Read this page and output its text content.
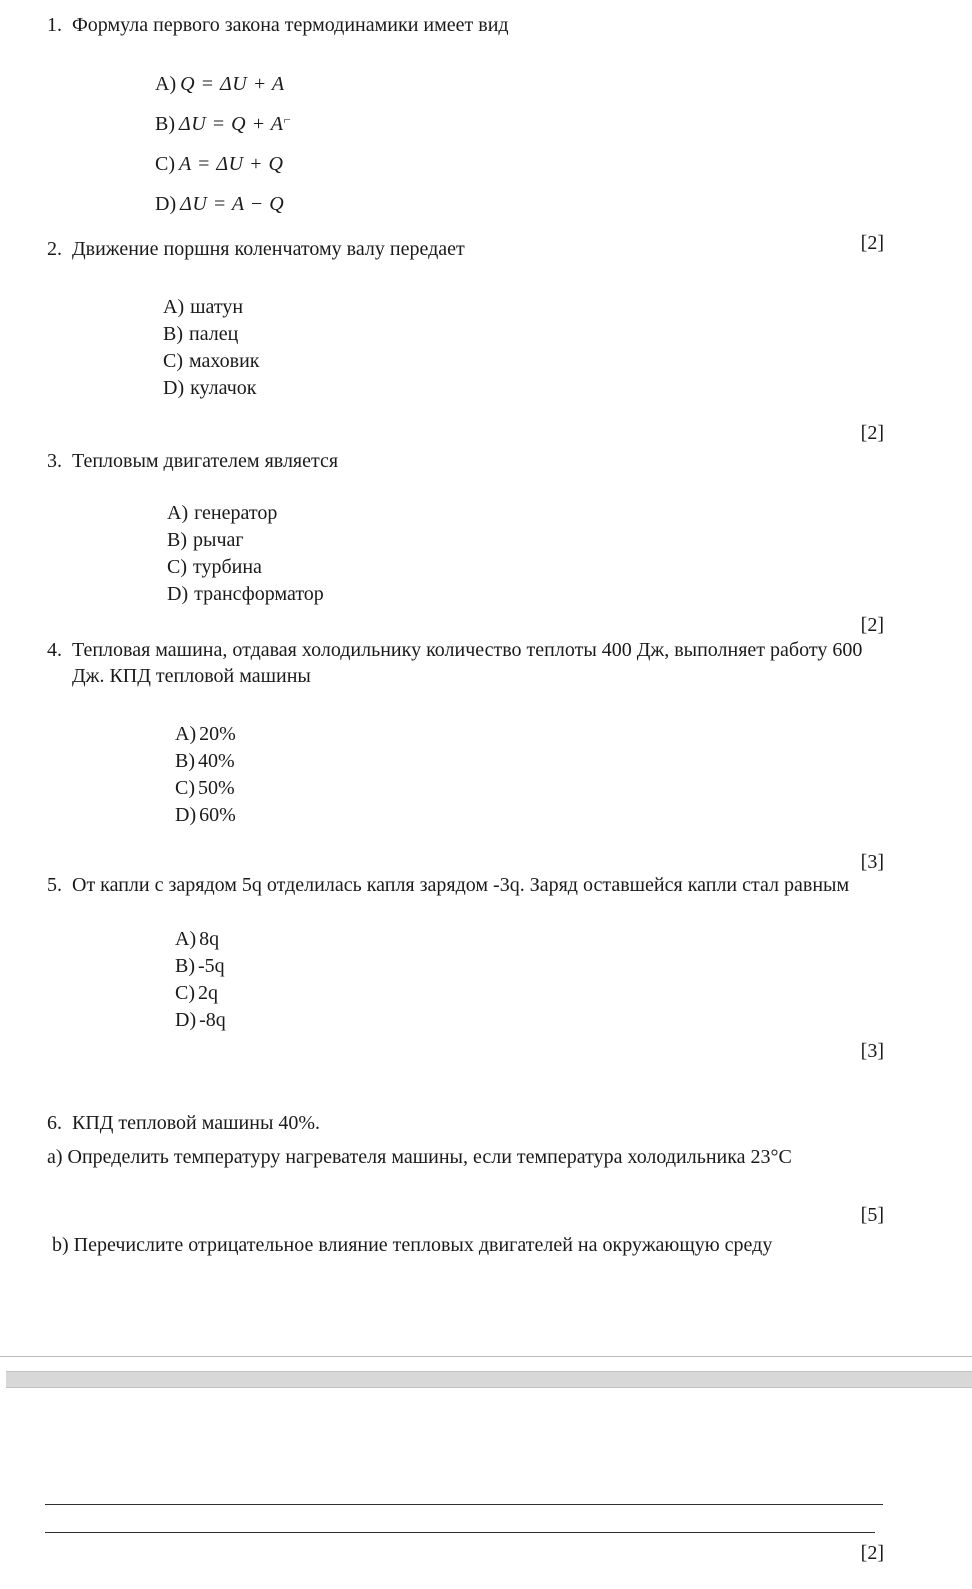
1. Формула первого закона термодинамики имеет вид
A) Q = ΔU + A
B) ΔU = Q + A⌐
C) A = ΔU + Q
D) ΔU = A − Q
[2]
2. Движение поршня коленчатому валу передает
A) шатун
B) палец
C) маховик
D) кулачок
[2]
3. Тепловым двигателем является
A) генератор
B) рычаг
C) турбина
D) трансформатор
[2]
4. Тепловая машина, отдавая холодильнику количество теплоты 400 Дж, выполняет работу 600 Дж. КПД тепловой машины
A) 20%
B) 40%
C) 50%
D) 60%
[3]
5. От капли с зарядом 5q отделилась капля зарядом -3q. Заряд оставшейся капли стал равным
A) 8q
B) -5q
C) 2q
D) -8q
[3]
6. КПД тепловой машины 40%.
a) Определить температуру нагревателя машины, если температура холодильника 23°C
[5]
b) Перечислите отрицательное влияние тепловых двигателей на окружающую среду
[2]
